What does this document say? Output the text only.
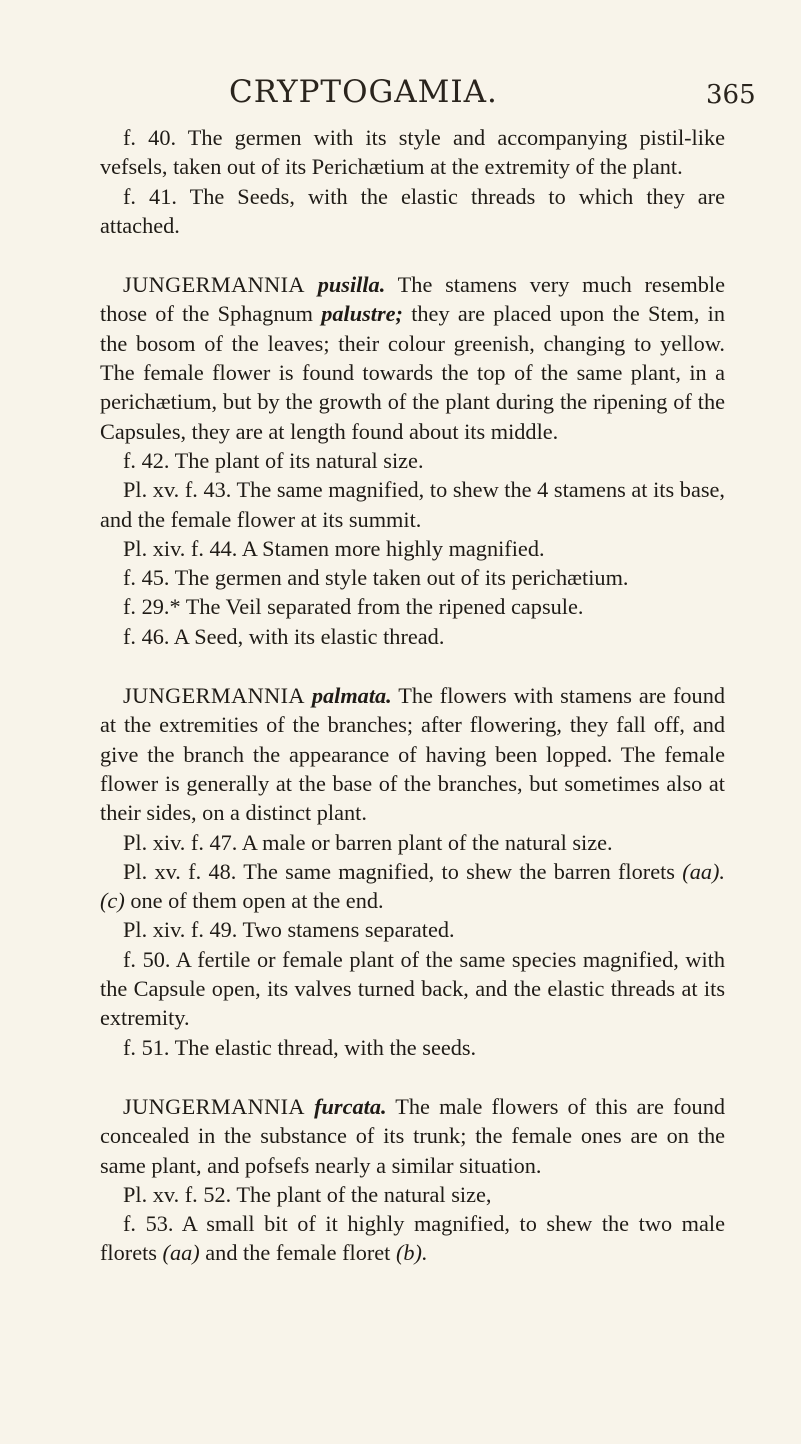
CRYPTOGAMIA.	365

f. 40. The germen with its style and accompanying pistil-like vefsels, taken out of its Perichætium at the extremity of the plant.

f. 41. The Seeds, with the elastic threads to which they are attached.

JUNGERMANNIA pusilla. The stamens very much resemble those of the Sphagnum palustre; they are placed upon the Stem, in the bosom of the leaves; their colour greenish, changing to yellow. The female flower is found towards the top of the same plant, in a perichætium, but by the growth of the plant during the ripening of the Capsules, they are at length found about its middle.

f. 42. The plant of its natural size.

Pl. xv. f. 43. The same magnified, to shew the 4 stamens at its base, and the female flower at its summit.

Pl. xiv. f. 44. A Stamen more highly magnified.

f. 45. The germen and style taken out of its perichætium.

f. 29.* The Veil separated from the ripened capsule.

f. 46. A Seed, with its elastic thread.

JUNGERMANNIA palmata. The flowers with stamens are found at the extremities of the branches; after flowering, they fall off, and give the branch the appearance of having been lopped. The female flower is generally at the base of the branches, but sometimes also at their sides, on a distinct plant.

Pl. xiv. f. 47. A male or barren plant of the natural size.

Pl. xv. f. 48. The same magnified, to shew the barren florets (aa). (c) one of them open at the end.

Pl. xiv. f. 49. Two stamens separated.

f. 50. A fertile or female plant of the same species magnified, with the Capsule open, its valves turned back, and the elastic threads at its extremity.

f. 51. The elastic thread, with the seeds.

JUNGERMANNIA furcata. The male flowers of this are found concealed in the substance of its trunk; the female ones are on the same plant, and pofsefs nearly a similar situation.

Pl. xv. f. 52. The plant of the natural size,

f. 53. A small bit of it highly magnified, to shew the two male florets (aa) and the female floret (b).
